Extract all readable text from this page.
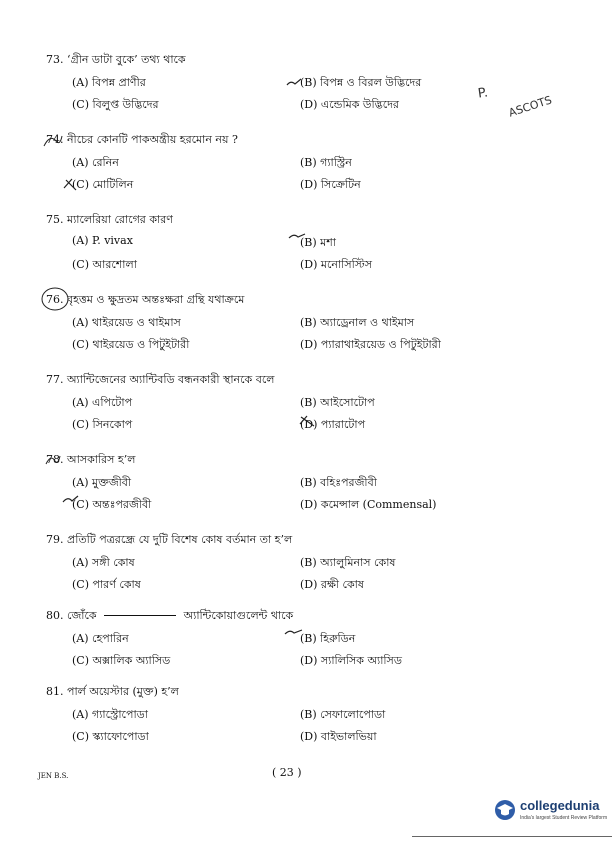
73. ‘গ্রীন ডাটা বুকে’ তথ্য থাকে
(A) বিপন্ন প্রাণীর	(B) বিপন্ন ও বিরল উদ্ভিদের
(C) বিলুপ্ত উদ্ভিদের	(D) এন্ডেমিক উদ্ভিদের
74. নীচের কোনটি পাকঅন্ত্রীয় হরমোন নয় ?
(A) রেনিন	(B) গ্যাস্ট্রিন
(C) মোটিলিন	(D) সিক্রেটিন
75. ম্যালেরিয়া রোগের কারণ
(A) P. vivax	(B) মশা
(C) আরশোলা	(D) মনোসিস্টিস
76. বৃহত্তম ও ক্ষুদ্রতম অন্তঃক্ষরা গ্রন্থি যথাক্রমে
(A) থাইরয়েড ও থাইমাস	(B) অ্যাড্রেনাল ও থাইমাস
(C) থাইরয়েড ও পিটুইটারী	(D) প্যারাথাইরয়েড ও পিটুইটারী
77. অ্যান্টিজেনের অ্যান্টিবডি বন্ধনকারী স্থানকে বলে
(A) এপিটোপ	(B) আইসোটোপ
(C) সিনকোপ	(D) প্যারাটোপ
78. আসকারিস হ’ল
(A) মুক্তজীবী	(B) বহিঃপরজীবী
(C) অন্তঃপরজীবী	(D) কমেন্সাল (Commensal)
79. প্রতিটি পত্ররন্ধ্রে যে দুটি বিশেষ কোষ বর্তমান তা হ’ল
(A) সঙ্গী কোষ	(B) অ্যালুমিনাস কোষ
(C) পারর্ণ কোষ	(D) রক্ষী কোষ
80. জোঁকে	অ্যান্টিকোয়াগুলেন্ট থাকে
(A) হেপারিন	(B) হিরুডিন
(C) অক্সালিক অ্যাসিড	(D) স্যালিসিক অ্যাসিড
81. পার্ল অয়েস্টার (মুক্ত) হ’ল
(A) গ্যাস্ট্রোপোডা	(B) সেফালোপোডা
(C) স্ক্যাফোপোডা	(D) বাইভালভিয়া
P. ASCOTS
JEN B.S.	( 23 )
collegedunia
India's largest Student Review Platform
